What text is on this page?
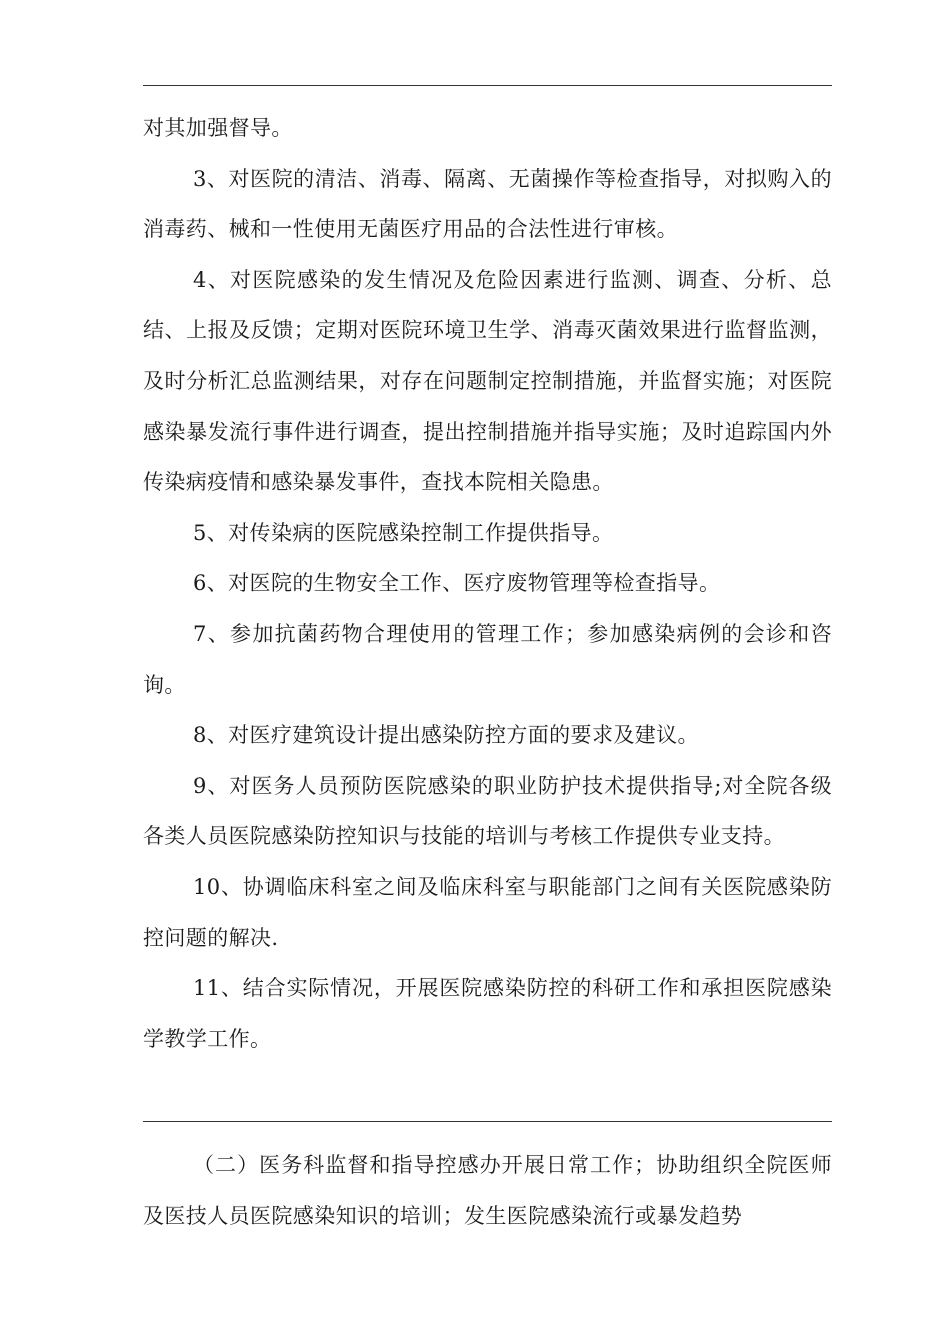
对其加强督导。

3、对医院的清洁、消毒、隔离、无菌操作等检查指导，对拟购入的消毒药、械和一性使用无菌医疗用品的合法性进行审核。

4、对医院感染的发生情况及危险因素进行监测、调查、分析、总结、上报及反馈；定期对医院环境卫生学、消毒灭菌效果进行监督监测，及时分析汇总监测结果，对存在问题制定控制措施，并监督实施；对医院感染暴发流行事件进行调查，提出控制措施并指导实施；及时追踪国内外传染病疫情和感染暴发事件，查找本院相关隐患。

5、对传染病的医院感染控制工作提供指导。

6、对医院的生物安全工作、医疗废物管理等检查指导。

7、参加抗菌药物合理使用的管理工作；参加感染病例的会诊和咨询。

8、对医疗建筑设计提出感染防控方面的要求及建议。

9、对医务人员预防医院感染的职业防护技术提供指导;对全院各级各类人员医院感染防控知识与技能的培训与考核工作提供专业支持。

10、协调临床科室之间及临床科室与职能部门之间有关医院感染防控问题的解决.

11、结合实际情况，开展医院感染防控的科研工作和承担医院感染学教学工作。

（二）医务科监督和指导控感办开展日常工作；协助组织全院医师及医技人员医院感染知识的培训；发生医院感染流行或暴发趋势
